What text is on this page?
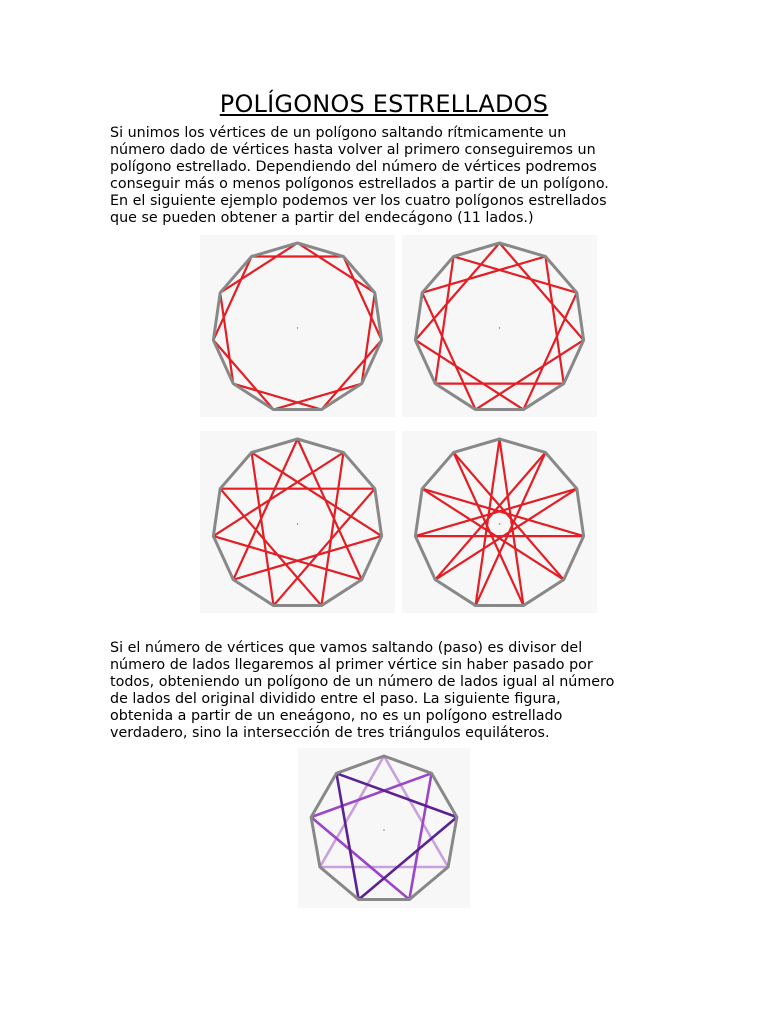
POLÍGONOS ESTRELLADOS

Si unimos los vértices de un polígono saltando rítmicamente un
número dado de vértices hasta volver al primero conseguiremos un
polígono estrellado. Dependiendo del número de vértices podremos
conseguir más o menos polígonos estrellados a partir de un polígono.
En el siguiente ejemplo podemos ver los cuatro polígonos estrellados
que se pueden obtener a partir del endecágono (11 lados.)

Si el número de vértices que vamos saltando (paso) es divisor del
número de lados llegaremos al primer vértice sin haber pasado por
todos, obteniendo un polígono de un número de lados igual al número
de lados del original dividido entre el paso. La siguiente figura,
obtenida a partir de un eneágono, no es un polígono estrellado
verdadero, sino la intersección de tres triángulos equiláteros.
